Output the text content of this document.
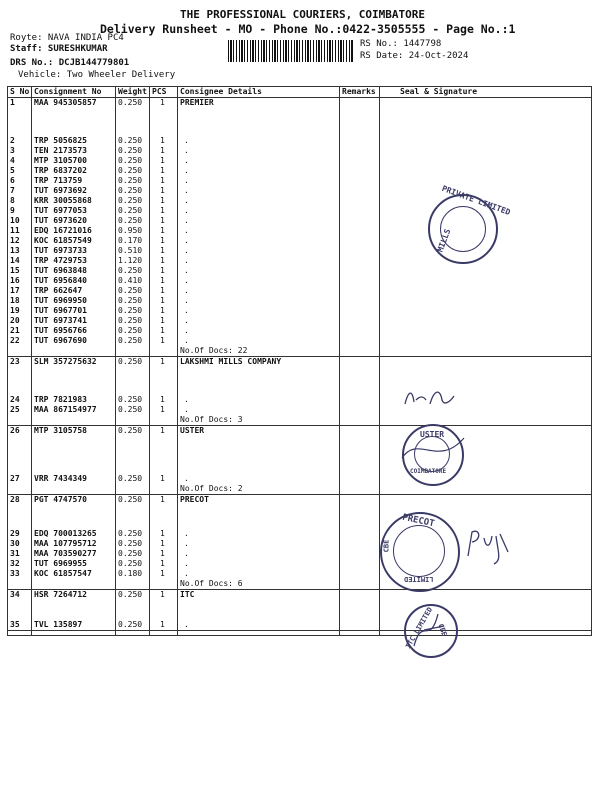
THE PROFESSIONAL COURIERS, COIMBATORE
Delivery Runsheet - MO - Phone No.:0422-3505555 - Page No.:1
Royte: NAVA INDIA PC4
Staff: SURESHKUMAR
DRS No.: DCJB144779801
Vehicle: Two Wheeler Delivery
RS No.: 1447798
RS Date: 24-Oct-2024
S No	Consignment No	Weight	PCS	Consignee Details	Remarks	Seal & Signature
1	MAA 945305857	0.250	1	PREMIER		
2	TRP 5056825	0.250	1	.		
3	TEN 2173573	0.250	1	.		
4	MTP 3105700	0.250	1	.		
5	TRP 6837202	0.250	1	.		
6	TRP 713759	0.250	1	.		
7	TUT 6973692	0.250	1	.		
8	KRR 30055868	0.250	1	.		
9	TUT 6977053	0.250	1	.		
10	TUT 6973620	0.250	1	.		
11	EDQ 16721016	0.950	1	.		
12	KOC 61857549	0.170	1	.		
13	TUT 6973733	0.510	1	.		
14	TRP 4729753	1.120	1	.		
15	TUT 6963848	0.250	1	.		
16	TUT 6956840	0.410	1	.		
17	TRP 662647	0.250	1	.		
18	TUT 6969950	0.250	1	.		
19	TUT 6967701	0.250	1	.		
20	TUT 6973741	0.250	1	.		
21	TUT 6956766	0.250	1	.		
22	TUT 6967690	0.250	1	.		
				No.Of Docs: 22		
23	SLM 357275632	0.250	1	LAKSHMI MILLS COMPANY		
24	TRP 7821983	0.250	1	.		
25	MAA 867154977	0.250	1	.		
				No.Of Docs: 3		
26	MTP 3105758	0.250	1	USTER		
27	VRR 7434349	0.250	1	.		
				No.Of Docs: 2		
28	PGT 4747570	0.250	1	PRECOT		
29	EDQ 700013265	0.250	1	.		
30	MAA 107795712	0.250	1	.		
31	MAA 703590277	0.250	1	.		
32	TUT 6969955	0.250	1	.		
33	KOC 61857547	0.180	1	.		
				No.Of Docs: 6		
34	HSR 7264712	0.250	1	ITC		
35	TVL 135897	0.250	1	.		

PRIVATE LIMITED
MILLS
USTER
COIMBATORE
PRECOT
LIMITED
CBE
ITC LIMITED CBE
